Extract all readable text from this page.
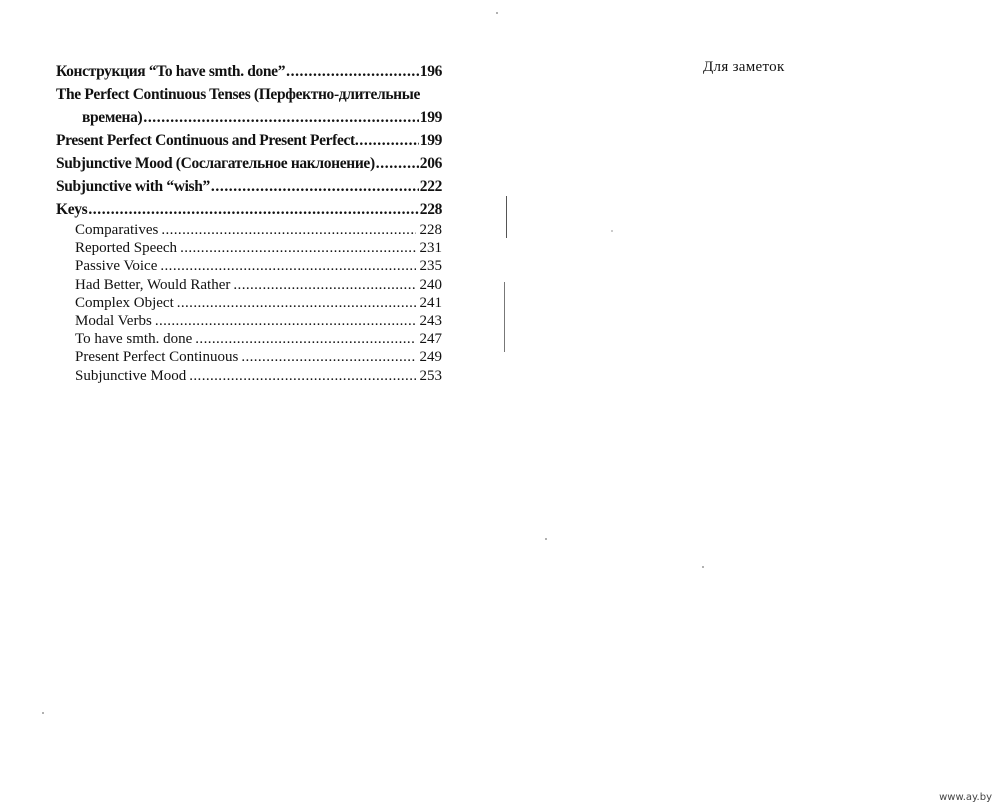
Конструкция “To have smth. done” .....	196
The Perfect Continuous Tenses (Перфектно-длительные
времена) .....	199
Present Perfect Continuous and Present Perfect. .....	199
Subjunctive Mood (Сослагательное наклонение) .....	206
Subjunctive with “wish” .....	222
Keys .....	228
Comparatives .....	228
Reported Speech .....	231
Passive Voice .....	235
Had Better, Would Rather .....	240
Complex Object .....	241
Modal Verbs .....	243
To have smth. done .....	247
Present Perfect Continuous .....	249
Subjunctive Mood .....	253
Для заметок
www.ay.by
